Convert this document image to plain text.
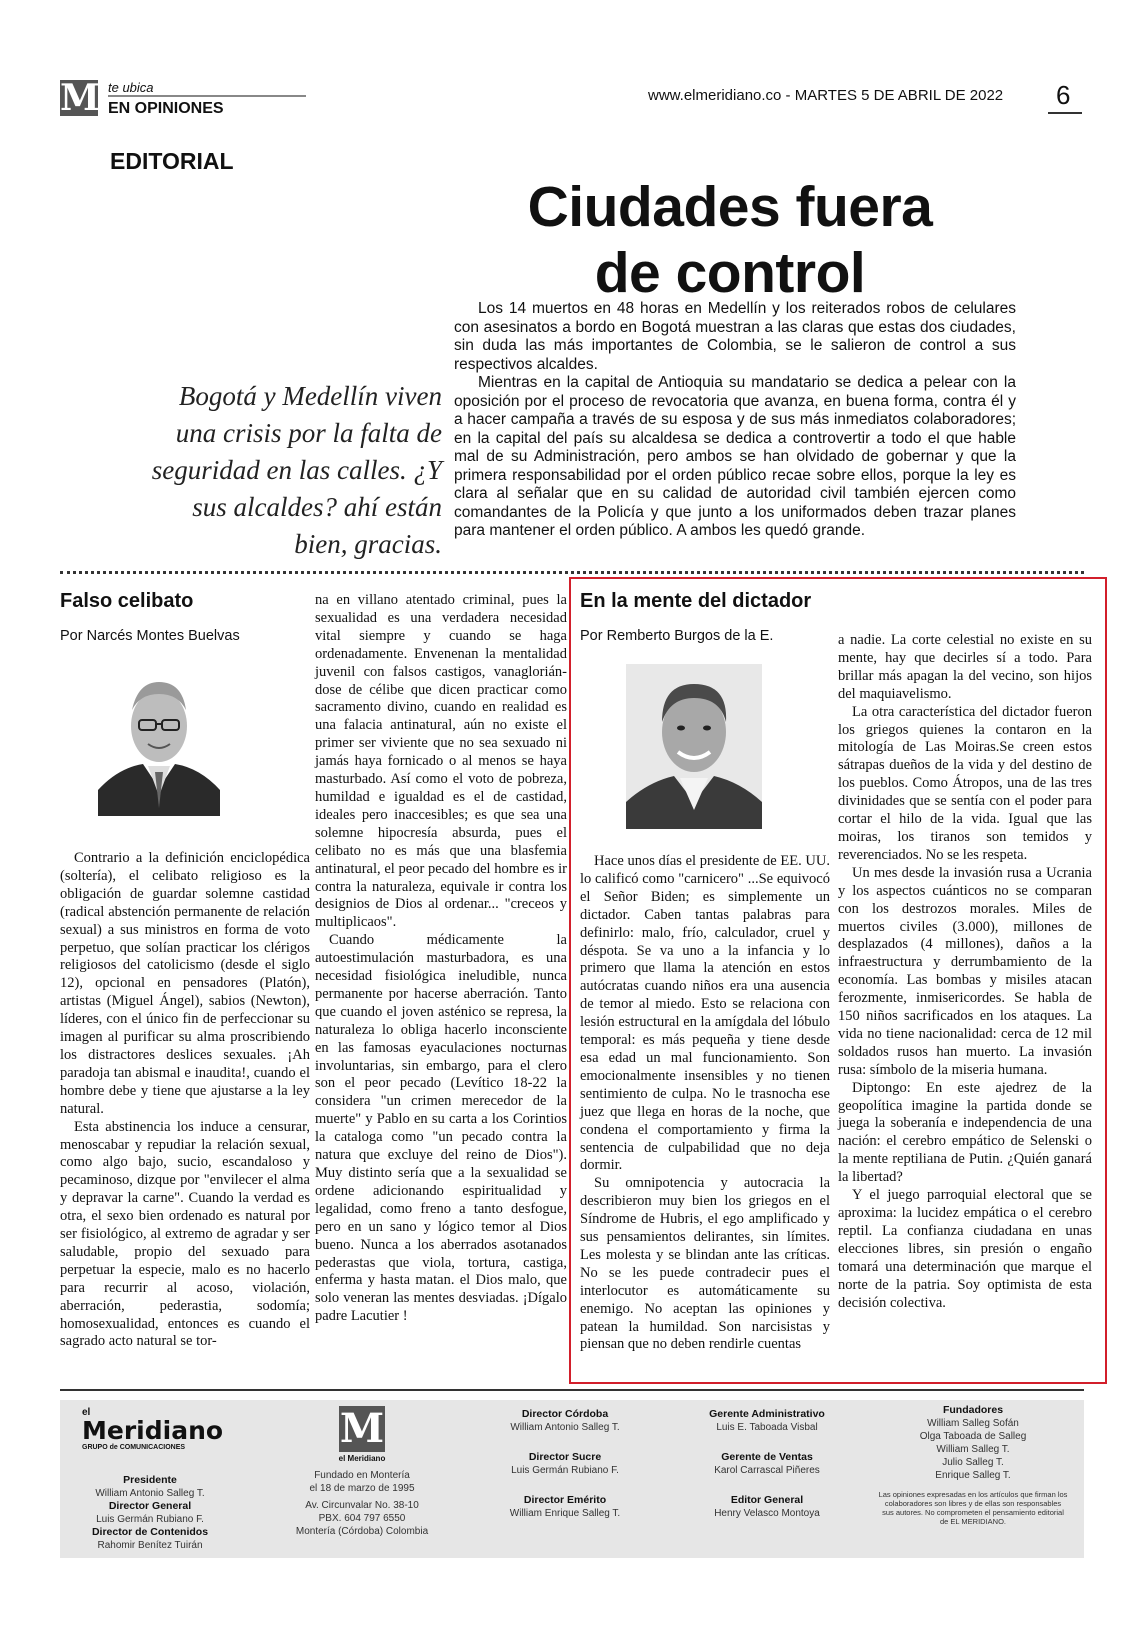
M te ubica
EN OPINIONES
www.elmeridiano.co - MARTES 5 DE ABRIL DE 2022 6
EDITORIAL
Ciudades fuera
de control
Bogotá y Medellín viven una crisis por la falta de seguridad en las calles. ¿Y sus alcaldes? ahí están bien, gracias.

Los 14 muertos en 48 horas en Medellín y los reiterados robos de celulares con asesinatos a bordo en Bogotá muestran a las claras que estas dos ciudades, sin duda las más importantes de Colombia, se le salieron de control a sus respectivos alcaldes.

Mientras en la capital de Antioquia su mandatario se dedica a pelear con la oposición por el proceso de revocatoria que avanza, en buena forma, contra él y a hacer campaña a través de su esposa y de sus más inmediatos colaboradores; en la capital del país su alcaldesa se dedica a controvertir a todo el que hable mal de su Administración, pero ambos se han olvidado de gobernar y que la primera responsabilidad por el orden público recae sobre ellos, porque la ley es clara al señalar que en su calidad de autoridad civil también ejercen como comandantes de la Policía y que junto a los uniformados deben trazar planes para mantener el orden público. A ambos les quedó grande.

Falso celibato
Por Narcés Montes Buelvas

Contrario a la definición enciclopédica (soltería), el celibato religioso es la obligación de guardar solemne castidad (radical abstención permanente de relación sexual) a sus ministros en forma de voto perpetuo, que solían practicar los clérigos religiosos del catolicismo (desde el siglo 12), opcional en pensadores (Platón), artistas (Miguel Ángel), sabios (Newton), líderes, con el único fin de perfeccionar su imagen al purificar su alma proscribiendo los distractores deslices sexuales. ¡Ah paradoja tan abismal e inaudita!, cuando el hombre debe y tiene que ajustarse a la ley natural.

Esta abstinencia los induce a censurar, menoscabar y repudiar la relación sexual, como algo bajo, sucio, escandaloso y pecaminoso, dizque por "envilecer el alma y depravar la carne". Cuando la verdad es otra, el sexo bien ordenado es natural por ser fisiológico, al extremo de agradar y ser saludable, propio del sexuado para perpetuar la especie, malo es no hacerlo para recurrir al acoso, violación, aberración, pederastia, sodomía; homosexualidad, entonces es cuando el sagrado acto natural se tor-

na en villano atentado criminal, pues la sexualidad es una verdadera necesidad vital siempre y cuando se haga ordenadamente. Envenenan la mentalidad juvenil con falsos castigos, vanaglorián-dose de célibe que dicen practicar como sacramento divino, cuando en realidad es una falacia antinatural, aún no existe el primer ser viviente que no sea sexuado ni jamás haya fornicado o al menos se haya masturbado. Así como el voto de pobreza, humildad e igualdad es el de castidad, ideales pero inaccesibles; es que sea una solemne hipocresía absurda, pues el celibato no es más que una blasfemia antinatural, el peor pecado del hombre es ir contra la naturaleza, equivale ir contra los designios de Dios al ordenar... "creceos y multiplicaos".

Cuando médicamente la autoestimulación masturbadora, es una necesidad fisiológica ineludible, nunca permanente por hacerse aberración. Tanto que cuando el joven asténico se represa, la naturaleza lo obliga hacerlo inconsciente en las famosas eyaculaciones nocturnas involuntarias, sin embargo, para el clero son el peor pecado (Levítico 18-22 la considera "un crimen merecedor de la muerte" y Pablo en su carta a los Corintios la cataloga como "un pecado contra la natura que excluye del reino de Dios"). Muy distinto sería que a la sexualidad se ordene adicionando espiritualidad y legalidad, como freno a tanto desfogue, pero en un sano y lógico temor al Dios bueno. Nunca a los aberrados asotanados pederastas que viola, tortura, castiga, enferma y hasta matan. el Dios malo, que solo veneran las mentes desviadas. ¡Dígalo padre Lacutier !

En la mente del dictador
Por Remberto Burgos de la E.

Hace unos días el presidente de EE. UU. lo calificó como "carnicero" ...Se equivocó el Señor Biden; es simplemente un dictador. Caben tantas palabras para definirlo: malo, frío, calculador, cruel y déspota. Se va uno a la infancia y lo primero que llama la atención en estos autócratas cuando niños era una ausencia de temor al miedo. Esto se relaciona con lesión estructural en la amígdala del lóbulo temporal: es más pequeña y tiene desde esa edad un mal funcionamiento. Son emocionalmente insensibles y no tienen sentimiento de culpa. No le trasnocha ese juez que llega en horas de la noche, que condena el comportamiento y firma la sentencia de culpabilidad que no deja dormir.

Su omnipotencia y autocracia la describieron muy bien los griegos en el Síndrome de Hubris, el ego amplificado y sus pensamientos delirantes, sin límites. Les molesta y se blindan ante las críticas. No se les puede contradecir pues el interlocutor es automáticamente su enemigo. No aceptan las opiniones y patean la humildad. Son narcisistas y piensan que no deben rendirle cuentas

a nadie. La corte celestial no existe en su mente, hay que decirles sí a todo. Para brillar más apagan la del vecino, son hijos del maquiavelismo.

La otra característica del dictador fueron los griegos quienes la contaron en la mitología de Las Moiras.Se creen estos sátrapas dueños de la vida y del destino de los pueblos. Como Átropos, una de las tres divinidades que se sentía con el poder para cortar el hilo de la vida. Igual que las moiras, los tiranos son temidos y reverenciados. No se les respeta.

Un mes desde la invasión rusa a Ucrania y los aspectos cuánticos no se comparan con los destrozos morales. Miles de muertos civiles (3.000), millones de desplazados (4 millones), daños a la infraestructura y derrumbamiento de la economía. Las bombas y misiles atacan ferozmente, inmisericordes. Se habla de 150 niños sacrificados en los ataques. La vida no tiene nacionalidad: cerca de 12 mil soldados rusos han muerto. La invasión rusa: símbolo de la miseria humana.

Diptongo: En este ajedrez de la geopolítica imagine la partida donde se juega la soberanía e independencia de una nación: el cerebro empático de Selenski o la mente reptiliana de Putin. ¿Quién ganará la libertad?

Y el juego parroquial electoral que se aproxima: la lucidez empática o el cerebro reptil. La confianza ciudadana en unas elecciones libres, sin presión o engaño tomará una determinación que marque el norte de la patria. Soy optimista de esta decisión colectiva.

el
Meridiano
GRUPO de COMUNICACIONES
Presidente
William Antonio Salleg T.
Director General
Luis Germán Rubiano F.
Director de Contenidos
Rahomir Benítez Tuirán
M
el Meridiano
Fundado en Montería
el 18 de marzo de 1995
Av. Circunvalar No. 38-10
PBX. 604 797 6550
Montería (Córdoba) Colombia
Director Córdoba
William Antonio Salleg T.
Director Sucre
Luis Germán Rubiano F.
Director Emérito
William Enrique Salleg T.
Gerente Administrativo
Luis E. Taboada Visbal
Gerente de Ventas
Karol Carrascal Piñeres
Editor General
Henry Velasco Montoya
Fundadores
William Salleg Sofán
Olga Taboada de Salleg
William Salleg T.
Julio Salleg T.
Enrique Salleg T.
Las opiniones expresadas en los artículos que firman los colaboradores son libres y de ellas son responsables sus autores. No comprometen el pensamiento editorial de EL MERIDIANO.
